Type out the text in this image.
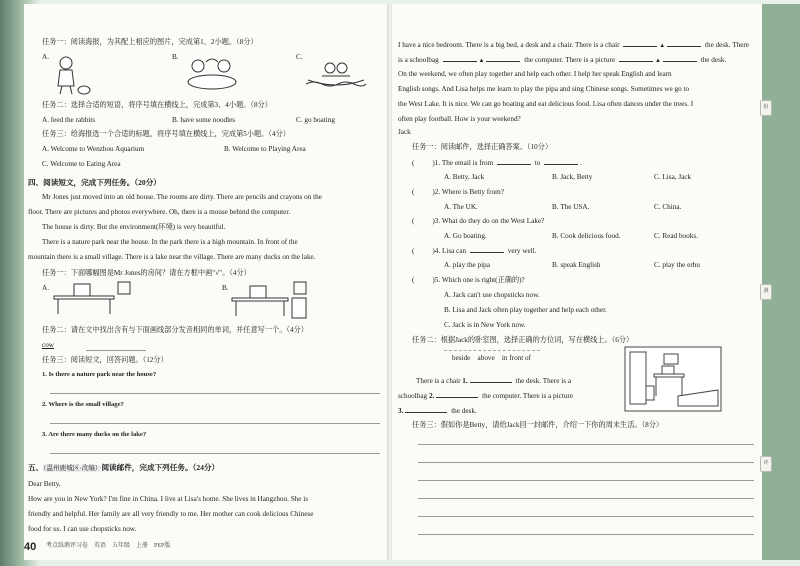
任务一：阅读海报，为其配上相应的图片，完成第1、2小题。（8分）
A.	B.	C.
任务二：选择合适的短语，将序号填在横线上，完成第3、4小题。（8分）
A. feed the rabbits	B. have some noodles	C. go boating
任务三：给海报选一个合适的标题，将序号填在横线上，完成第5小题。（4分）
A. Welcome to Wenzhou Aquarium	B. Welcome to Playing Area
C. Welcome to Eating Area
四、阅读短文，完成下列任务。（20分）
Mr Jones just moved into an old house. The rooms are dirty. There are pencils and crayons on the
floor. There are pictures and photos everywhere. Oh, there is a mouse behind the computer.
The house is dirty. But the environment(环境) is very beautiful.
There is a nature park near the house. In the park there is a high mountain. In front of the
mountain there is a small village. There is a lake near the village. There are many ducks on the lake.
任务一：下面哪幅图是Mr Jones的房间？请在方框中画"√"。（4分）
A.	B.
任务二：请在文中找出含有与下面画线部分发音相同的单词，并任意写一个。（4分）
cow
任务三：阅读短文，回答问题。（12分）
1. Is there a nature park near the house?
2. Where is the small village?
3. Are there many ducks on the lake?
五、（温州鹿城区·改编）阅读邮件，完成下列任务。（24分）
Dear Betty,
How are you in New York? I'm fine in China. I live at Lisa's home. She lives in Hangzhou. She is
friendly and helpful. Her family are all very friendly to me. Her mother can cook delicious Chinese
food for us. I can use chopsticks now.
40 考点练测评习卷　英语　五年级　上册　PEP版
I have a nice bedroom. There is a big bed, a desk and a chair. There is a chair	▲	the desk. There
is a schoolbag	▲	the computer. There is a picture	▲	the desk.
On the weekend, we often play together and help each other. I help her speak English and learn
English songs. And Lisa helps me learn to play the pipa and sing Chinese songs. Sometimes we go to
the West Lake. It is nice. We can go boating and eat delicious food. Lisa often dances under the trees. I
often play football. How is your weekend?
Jack
任务一：阅读邮件，选择正确答案。（10分）
(	)1. The email is from	to	.
A. Betty, Jack	B. Jack, Betty	C. Lisa, Jack
(	)2. Where is Betty from?
A. The UK.	B. The USA.	C. China.
(	)3. What do they do on the West Lake?
A. Go boating.	B. Cook delicious food.	C. Read books.
(	)4. Lisa can	very well.
A. play the pipa	B. speak English	C. play the erhu
(	)5. Which one is right(正确的)?
A. Jack can't use chopsticks now.
B. Lisa and Jack often play together and help each other.
C. Jack is in New York now.
任务二：根据Jack的卧室图，选择正确的方位词，写在横线上。（6分）
beside　above　in front of
There is a chair 1.	the desk. There is a
schoolbag 2.	the computer. There is a picture
3.	the desk.
任务三：假如你是Betty，请给Jack回一封邮件，介绍一下你的周末生活。（8分）
拍
测
评
